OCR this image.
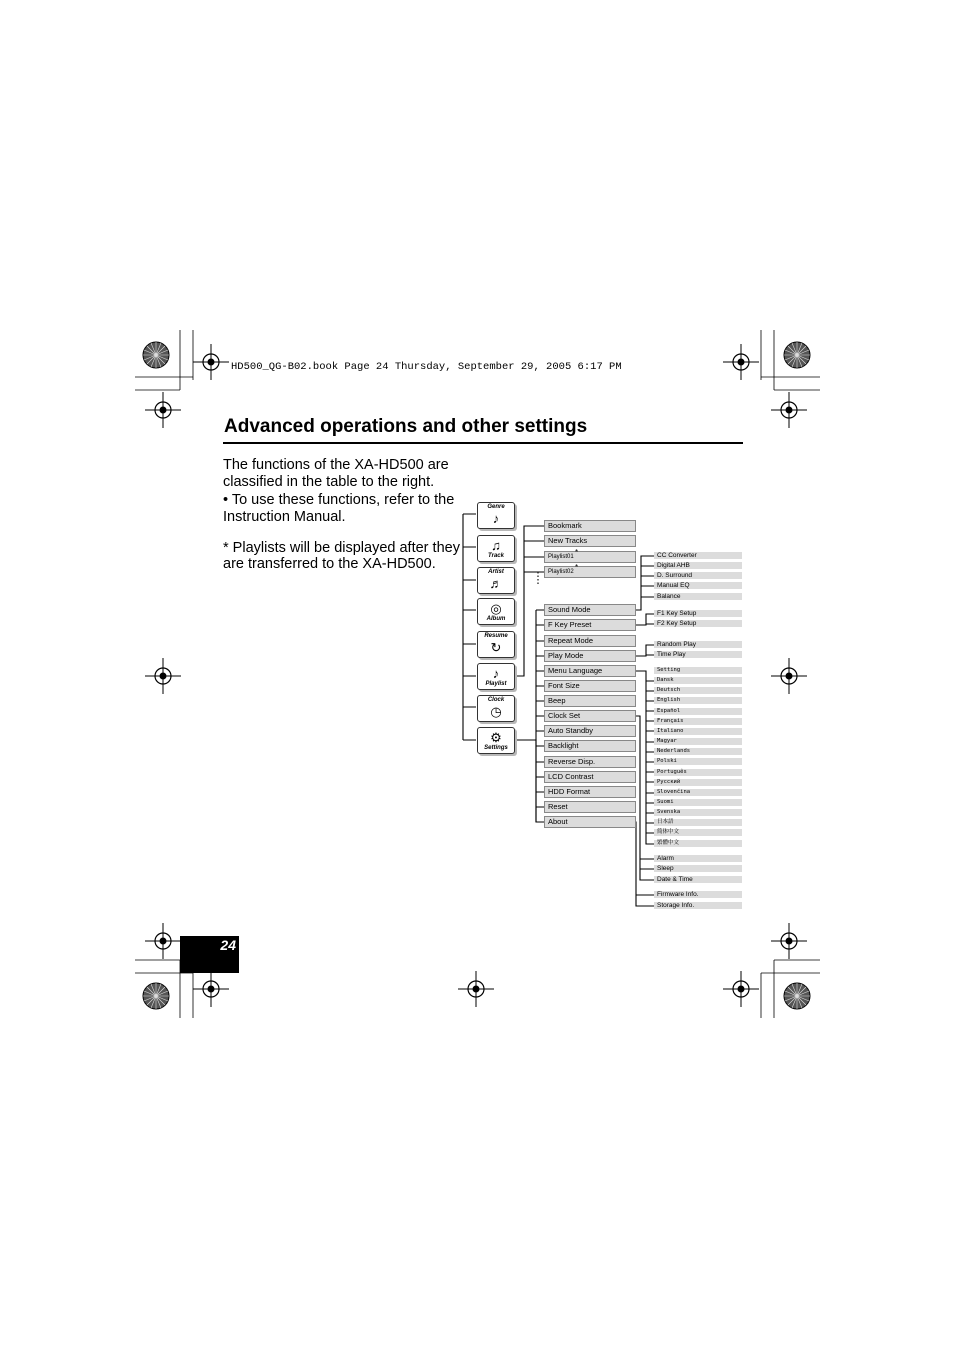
HD500_QG-B02.book Page 24 Thursday, September 29, 2005 6:17 PM
Advanced operations and other settings
The functions of the XA-HD500 are classified in the table to the right.
• To use these functions, refer to the Instruction Manual.
* Playlists will be displayed after they are transferred to the XA-HD500.
24
Genre
♪
Track
♫
Artist
♬
Album
◎
Resume
↻
Playlist
♪
Clock
◷
Settings
⚙
Bookmark
New Tracks
Playlist01 *
Playlist02 *
Sound Mode
F Key Preset
Repeat Mode
Play Mode
Menu Language
Font Size
Beep
Clock Set
Auto Standby
Backlight
Reverse Disp.
LCD Contrast
HDD Format
Reset
About
CC Converter
Digital AHB
D. Surround
Manual EQ
Balance
F1 Key Setup
F2 Key Setup
Random Play
Time Play
Setting
Dansk
Deutsch
English
Español
Français
Italiano
Magyar
Nederlands
Polski
Português
Русский
Slovenčina
Suomi
Svenska
日本語
简体中文
繁體中文
Alarm
Sleep
Date & Time
Firmware Info.
Storage Info.
